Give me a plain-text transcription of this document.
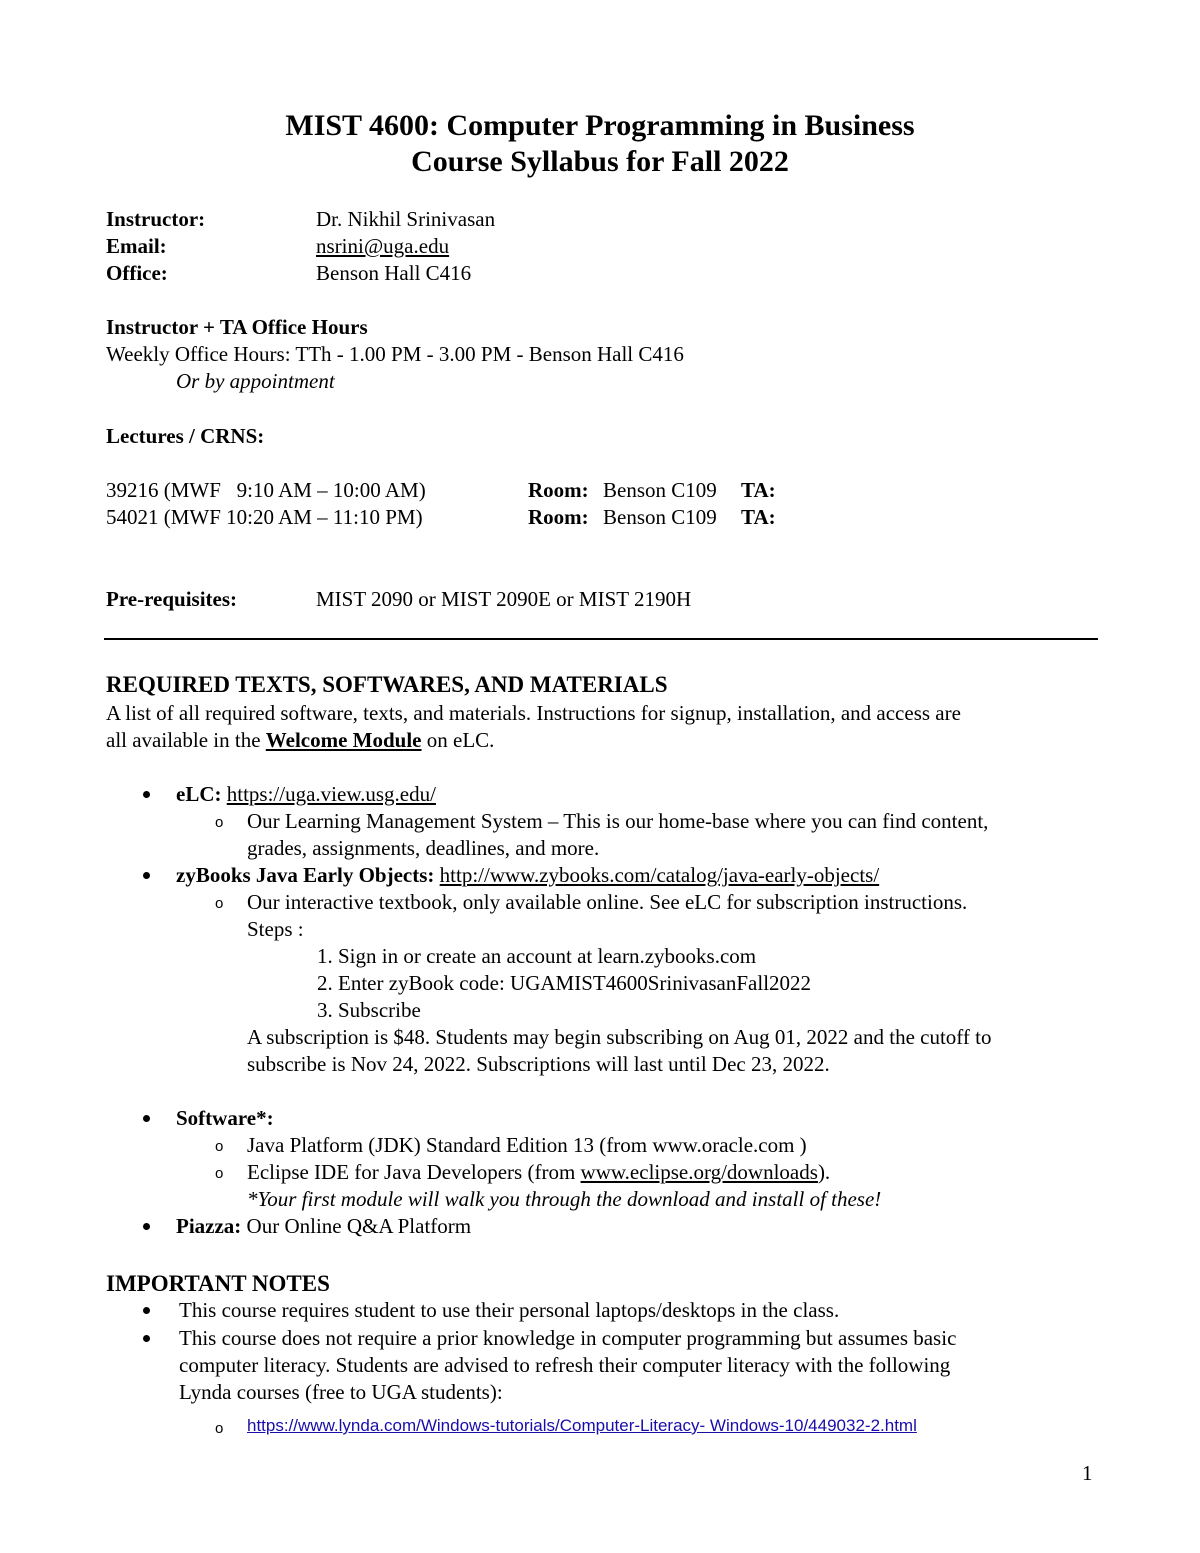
MIST 4600: Computer Programming in Business
Course Syllabus for Fall 2022
Instructor:	Dr. Nikhil Srinivasan
Email:	nsrini@uga.edu
Office:	Benson Hall C416
Instructor + TA Office Hours
Weekly Office Hours: TTh - 1.00 PM - 3.00 PM - Benson Hall C416
Or by appointment
Lectures / CRNS:
39216 (MWF   9:10 AM – 10:00 AM)	Room: Benson C109 TA:
54021 (MWF 10:20 AM – 11:10 PM)	Room: Benson C109 TA:
Pre-requisites:	MIST 2090 or MIST 2090E or MIST 2190H
REQUIRED TEXTS, SOFTWARES, AND MATERIALS
A list of all required software, texts, and materials. Instructions for signup, installation, and access are
all available in the Welcome Module on eLC.
eLC: https://uga.view.usg.edu/
o Our Learning Management System – This is our home-base where you can find content,
grades, assignments, deadlines, and more.
zyBooks Java Early Objects: http://www.zybooks.com/catalog/java-early-objects/
o Our interactive textbook, only available online. See eLC for subscription instructions.
Steps :
1. Sign in or create an account at learn.zybooks.com
2. Enter zyBook code: UGAMIST4600SrinivasanFall2022
3. Subscribe
A subscription is $48. Students may begin subscribing on Aug 01, 2022 and the cutoff to
subscribe is Nov 24, 2022. Subscriptions will last until Dec 23, 2022.
Software*:
o Java Platform (JDK) Standard Edition 13 (from www.oracle.com )
o Eclipse IDE for Java Developers (from www.eclipse.org/downloads).
*Your first module will walk you through the download and install of these!
Piazza: Our Online Q&A Platform
IMPORTANT NOTES
This course requires student to use their personal laptops/desktops in the class.
This course does not require a prior knowledge in computer programming but assumes basic
computer literacy. Students are advised to refresh their computer literacy with the following
Lynda courses (free to UGA students):
o https://www.lynda.com/Windows-tutorials/Computer-Literacy- Windows-10/449032-2.html
1
